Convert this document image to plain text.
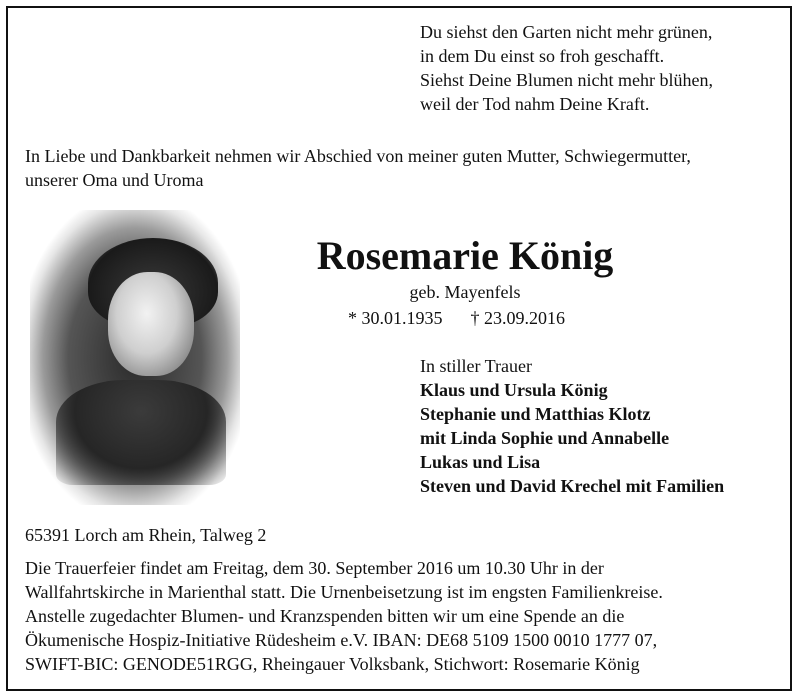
Du siehst den Garten nicht mehr grünen,
in dem Du einst so froh geschafft.
Siehst Deine Blumen nicht mehr blühen,
weil der Tod nahm Deine Kraft.
In Liebe und Dankbarkeit nehmen wir Abschied von meiner guten Mutter, Schwiegermutter,
unserer Oma und Uroma
Rosemarie König
geb. Mayenfels
* 30.01.1935 † 23.09.2016
In stiller Trauer
Klaus und Ursula König
Stephanie und Matthias Klotz
mit Linda Sophie und Annabelle
Lukas und Lisa
Steven und David Krechel mit Familien
65391 Lorch am Rhein, Talweg 2
Die Trauerfeier findet am Freitag, dem 30. September 2016 um 10.30 Uhr in der
Wallfahrtskirche in Marienthal statt. Die Urnenbeisetzung ist im engsten Familienkreise.
Anstelle zugedachter Blumen- und Kranzspenden bitten wir um eine Spende an die
Ökumenische Hospiz-Initiative Rüdesheim e.V. IBAN: DE68 5109 1500 0010 1777 07,
SWIFT-BIC: GENODE51RGG, Rheingauer Volksbank, Stichwort: Rosemarie König
